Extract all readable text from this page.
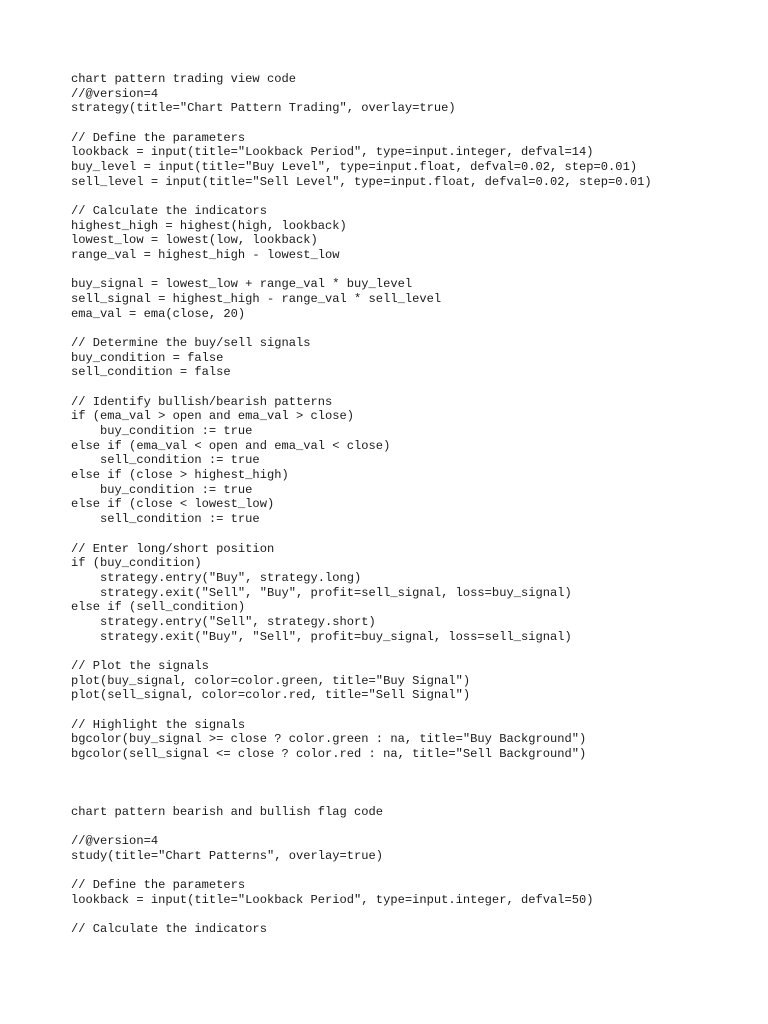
chart pattern trading view code
//@version=4
strategy(title="Chart Pattern Trading", overlay=true)

// Define the parameters
lookback = input(title="Lookback Period", type=input.integer, defval=14)
buy_level = input(title="Buy Level", type=input.float, defval=0.02, step=0.01)
sell_level = input(title="Sell Level", type=input.float, defval=0.02, step=0.01)

// Calculate the indicators
highest_high = highest(high, lookback)
lowest_low = lowest(low, lookback)
range_val = highest_high - lowest_low

buy_signal = lowest_low + range_val * buy_level
sell_signal = highest_high - range_val * sell_level
ema_val = ema(close, 20)

// Determine the buy/sell signals
buy_condition = false
sell_condition = false

// Identify bullish/bearish patterns
if (ema_val > open and ema_val > close)
buy_condition := true
else if (ema_val < open and ema_val < close)
sell_condition := true
else if (close > highest_high)
buy_condition := true
else if (close < lowest_low)
sell_condition := true

// Enter long/short position
if (buy_condition)
strategy.entry("Buy", strategy.long)
strategy.exit("Sell", "Buy", profit=sell_signal, loss=buy_signal)
else if (sell_condition)
strategy.entry("Sell", strategy.short)
strategy.exit("Buy", "Sell", profit=buy_signal, loss=sell_signal)

// Plot the signals
plot(buy_signal, color=color.green, title="Buy Signal")
plot(sell_signal, color=color.red, title="Sell Signal")

// Highlight the signals
bgcolor(buy_signal >= close ? color.green : na, title="Buy Background")
bgcolor(sell_signal <= close ? color.red : na, title="Sell Background")
chart pattern bearish and bullish flag code

//@version=4
study(title="Chart Patterns", overlay=true)

// Define the parameters
lookback = input(title="Lookback Period", type=input.integer, defval=50)

// Calculate the indicators
